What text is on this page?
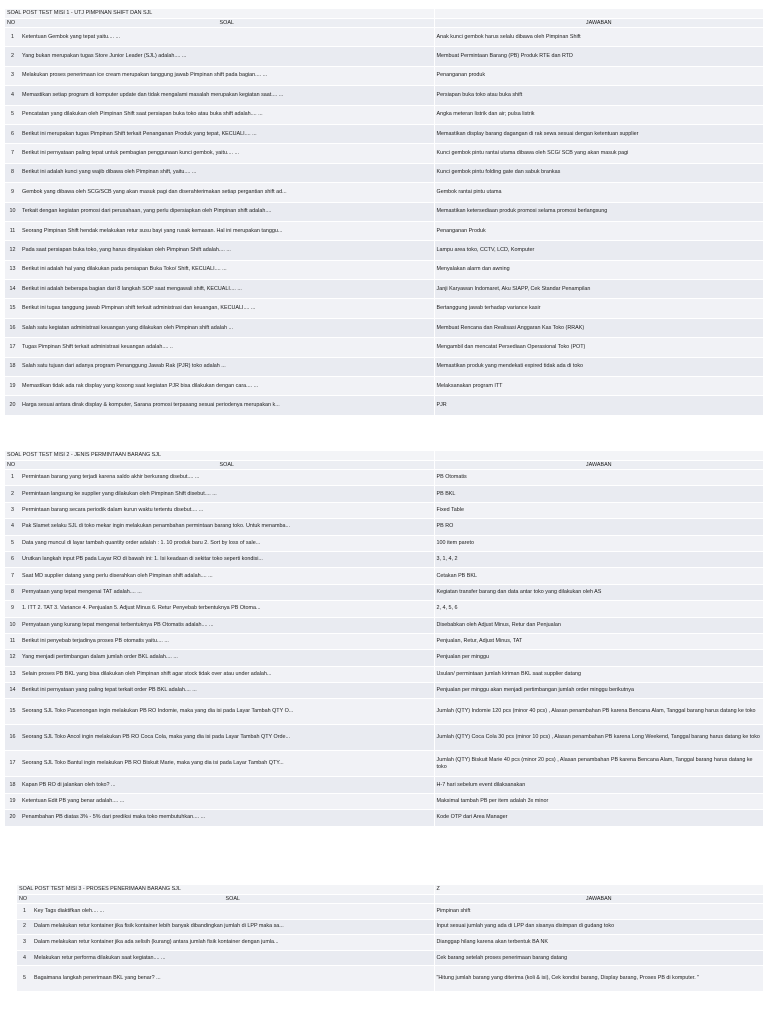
SOAL POST TEST MISI 1 - UTJ PIMPINAN SHIFT DAN SJL		
NO	SOAL	JAWABAN
1	Ketentuan Gembok yang tepat yaitu.... ...	Anak kunci gembok harus selalu dibawa oleh Pimpinan Shift
2	Yang bukan merupakan tugas Store Junior Leader (SJL) adalah.... ...	Membuat Permintaan Barang (PB) Produk RTE dan RTD
3	Melakukan proses penerimaan ice cream merupakan tanggung jawab Pimpinan shift pada bagian.... ...	Penanganan produk
4	Memastikan setiap program di komputer update dan tidak mengalami masalah merupakan kegiatan saat.... ...	Persiapan buka toko atau buka shift
5	Pencatatan yang dilakukan oleh Pimpinan Shift saat persiapan buka toko atau buka shift adalah.... ...	Angka meteran listrik dan air; pulsa listrik
6	Berikut ini merupakan tugas Pimpinan Shift terkait Penanganan Produk yang tepat, KECUALI.... ...	Memastikan display barang dagangan di rak sewa sesuai dengan ketentuan supplier
7	Berikut ini pernyataan paling tepat untuk pembagian penggunaan kunci gembok, yaitu.... ...	Kunci gembok pintu rantai utama dibawa oleh SCG/ SCB yang akan masuk pagi
8	Berikut ini adalah kunci yang wajib dibawa oleh Pimpinan shift, yaitu.... ...	Kunci gembok pintu folding gate dan sabuk brankas
9	Gembok yang dibawa oleh SCG/SCB yang akan masuk pagi dan diserahterimakan setiap pergantian shift ad...	Gembok rantai pintu utama
10	Terkait dengan kegiatan promosi dari perusahaan, yang perlu dipersiapkan oleh Pimpinan shift adalah....	Memastikan ketersediaan produk promosi selama promosi berlangsung
11	Seorang Pimpinan Shift hendak melakukan retur susu bayi yang rusak kemasan. Hal ini merupakan tanggu...	Penanganan Produk
12	Pada saat persiapan buka toko, yang harus dinyalakan oleh Pimpinan Shift adalah.... ...	Lampu area toko, CCTV, LCD, Komputer
13	Berikut ini adalah hal yang dilakukan pada persiapan Buka Toko/ Shift, KECUALI.... ...	Menyalakan alarm dan awning
14	Berikut ini adalah beberapa bagian dari 8 langkah SOP saat mengawali shift, KECUALI.... ...	Janji Karyawan Indomaret, Aku SIAPP, Cek Standar Penampilan
15	Berikut ini tugas tanggung jawab Pimpinan shift terkait administrasi dan keuangan, KECUALI.... ...	Bertanggung jawab terhadap variance kasir
16	Salah satu kegiatan administrasi keuangan yang dilakukan oleh Pimpinan shift adalah ...	Membuat Rencana dan Realisasi Anggaran Kas Toko (RRAK)
17	Tugas Pimpinan Shift terkait administrasi keuangan adalah.... ..	Mengambil dan mencatat Persediaan Operasional Toko (POT)
18	Salah satu tujuan dari adanya program Penanggung Jawab Rak (PJR) toko adalah ...	Memastikan produk yang mendekati expired tidak ada di toko
19	Memastikan tidak ada rak display yang kosong saat kegiatan PJR bisa dilakukan dengan cara.... ...	Melaksanakan program ITT
20	Harga sesuai antara dirak display & komputer, Sarana promosi terpasang sesuai periodenya merupakan k...	PJR
SOAL POST TEST MISI 2 - JENIS PERMINTAAN BARANG SJL		
NO	SOAL	JAWABAN
1	Permintaan barang yang terjadi karena saldo akhir berkurang disebut.... ...	PB Otomatis
2	Permintaan langsung ke supplier yang dilakukan oleh Pimpinan Shift disebut.... ...	PB BKL
3	Permintaan barang secara periodik dalam kurun waktu tertentu disebut.... ...	Fixed Table
4	Pak Slamet selaku SJL di toko mekar ingin melakukan penambahan permintaan barang toko. Untuk menamba...	PB RO
5	Data yang muncul di layar tambah quantity order adalah : 1. 10 produk baru 2. Sort by loss of sale...	100 item pareto
6	Urutkan langkah input PB pada Layar RO di bawah ini: 1. Isi keadaan di sekitar toko seperti kondisi...	3, 1, 4, 2
7	Saat MD supplier datang yang perlu diserahkan oleh Pimpinan shift adalah.... ...	Cetakan PB BKL
8	Pernyataan yang tepat mengenai TAT adalah.... ...	Kegiatan transfer barang dan data antar toko yang dilakukan oleh AS
9	1. ITT 2. TAT 3. Variance 4. Penjualan 5. Adjust Minus 6. Retur Penyebab terbentuknya PB Otoma...	2, 4, 5, 6
10	Pernyataan yang kurang tepat mengenai terbentuknya PB Otomatis adalah.... ...	Disebabkan oleh Adjust Minus, Retur dan Penjualan
11	Berikut ini penyebab terjadinya proses PB otomatis yaitu.... ...	Penjualan, Retur, Adjust Minus, TAT
12	Yang menjadi pertimbangan dalam jumlah order BKL adalah.... ...	Penjualan per minggu
13	Selain proses PB BKL yang bisa dilakukan oleh Pimpinan shift agar stock tidak over atau under adalah...	Usulan/ permintaan jumlah kiriman BKL saat supplier datang
14	Berikut ini pernyataan yang paling tepat terkait order PB BKL adalah.... ...	Penjualan per minggu akan menjadi pertimbangan jumlah order minggu berikutnya
15	Seorang SJL Toko Pacenongan ingin melakukan PB RO Indomie, maka yang dia isi pada Layar Tambah QTY O...	Jumlah (QTY) Indomie 120 pcs (minor 40 pcs) , Alasan penambahan PB karena Bencana Alam, Tanggal barang harus datang ke toko
16	Seorang SJL Toko Ancol ingin melakukan PB RO Coca Cola, maka yang dia isi pada Layar Tambah QTY Orde...	Jumlah (QTY) Coca Cola 30 pcs (minor 10 pcs) , Alasan penambahan PB karena Long Weekend, Tanggal barang harus datang ke toko
17	Seorang SJL Toko Bantul ingin melakukan PB RO Biskuit Marie, maka yang dia isi pada Layar Tambah QTY...	Jumlah (QTY) Biskuit Marie 40 pcs (minor 20 pcs) , Alasan penambahan PB karena Bencana Alam, Tanggal barang harus datang ke toko
18	Kapan PB RO di jalankan oleh toko? ...	H-7 hari sebelum event dilaksanakan
19	Ketentuan Edit PB yang benar adalah.... ...	Maksimal tambah PB per item adalah 3x minor
20	Penambahan PB diatas 3% - 5% dari prediksi maka toko membutuhkan.... ...	Kode OTP dari Area Manager
SOAL POST TEST MISI 3 - PROSES PENERIMAAN BARANG SJL		Z
NO	SOAL	JAWABAN
1	Key Tags diaktifkan oleh.... ...	Pimpinan shift
2	Dalam melakukan retur kontainer jika fisik kontainer lebih banyak dibandingkan jumlah di LPP maka sa...	Input sesuai jumlah yang ada di LPP dan sisanya disimpan di gudang toko
3	Dalam melakukan retur kontainer jika ada selisih (kurang) antara jumlah fisik kontainer dengan jumla...	Dianggap hilang karena akan terbentuk BA NK
4	Melakukan retur performa dilakukan saat kegiatan.... ...	Cek barang setelah proses penerimaan barang datang
5	Bagaimana langkah penerimaan BKL yang benar? ...	"Hitung jumlah barang yang diterima (koli & isi), Cek kondisi barang, Display barang, Proses PB di komputer. "
